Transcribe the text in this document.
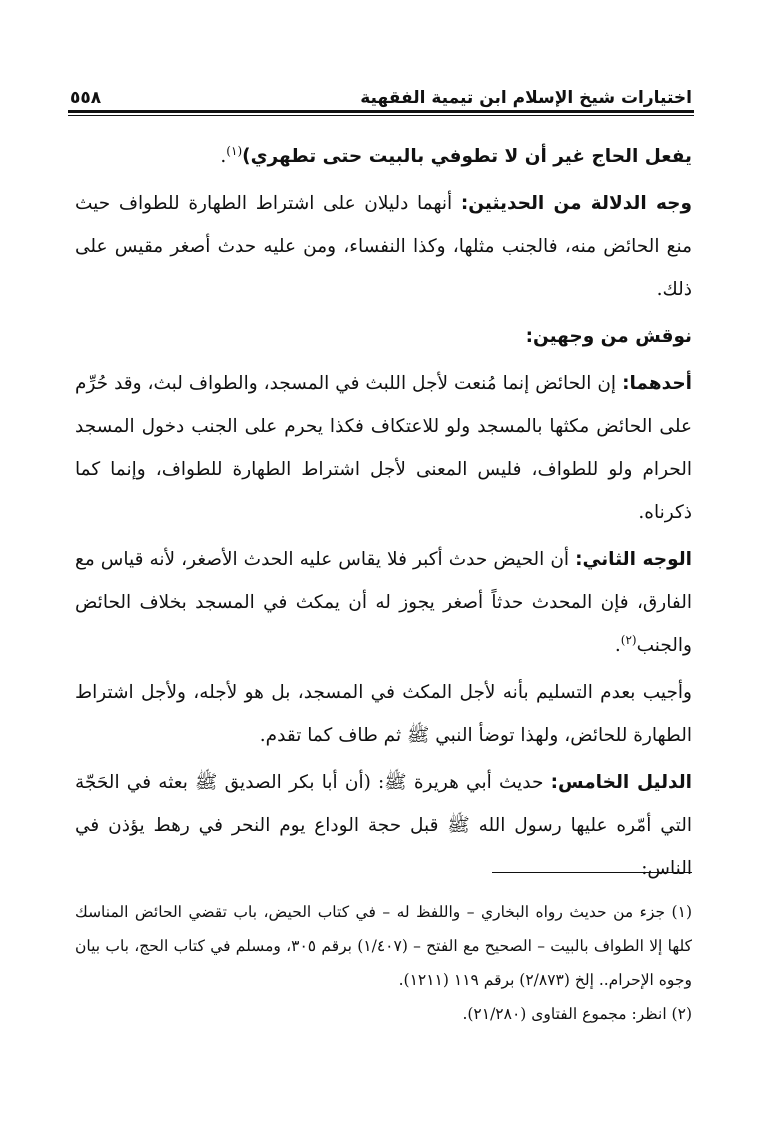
اختيارات شيخ الإسلام ابن تيمية الفقهية
٥٥٨

يفعل الحاج غير أن لا تطوفي بالبيت حتى تطهري)$^{(١)}$.

وجه الدلالة من الحديثين: أنهما دليلان على اشتراط الطهارة للطواف حيث منع الحائض منه، فالجنب مثلها، وكذا النفساء، ومن عليه حدث أصغر مقيس على ذلك.

نوقش من وجهين:

أحدهما: إن الحائض إنما مُنعت لأجل اللبث في المسجد، والطواف لبث، وقد حُرِّم على الحائض مكثها بالمسجد ولو للاعتكاف فكذا يحرم على الجنب دخول المسجد الحرام ولو للطواف، فليس المعنى لأجل اشتراط الطهارة للطواف، وإنما كما ذكرناه.

الوجه الثاني: أن الحيض حدث أكبر فلا يقاس عليه الحدث الأصغر، لأنه قياس مع الفارق، فإن المحدث حدثاً أصغر يجوز له أن يمكث في المسجد بخلاف الحائض والجنب$^{(٢)}$.

وأجيب بعدم التسليم بأنه لأجل المكث في المسجد، بل هو لأجله، ولأجل اشتراط الطهارة للحائض، ولهذا توضأ النبي ﷺ ثم طاف كما تقدم.

الدليل الخامس: حديث أبي هريرة ﷺ: (أن أبا بكر الصديق ﷺ بعثه في الحَجّة التي أمّره عليها رسول الله ﷺ قبل حجة الوداع يوم النحر في رهط يؤذن في الناس:

(١) جزء من حديث رواه البخاري – واللفظ له – في كتاب الحيض، باب تقضي الحائض المناسك كلها إلا الطواف بالبيت – الصحيح مع الفتح – (١/٤٠٧) برقم ٣٠٥، ومسلم في كتاب الحج، باب بيان وجوه الإحرام.. إلخ (٢/٨٧٣) برقم ١١٩ (١٢١١).

(٢) انظر: مجموع الفتاوى (٢١/٢٨٠).
